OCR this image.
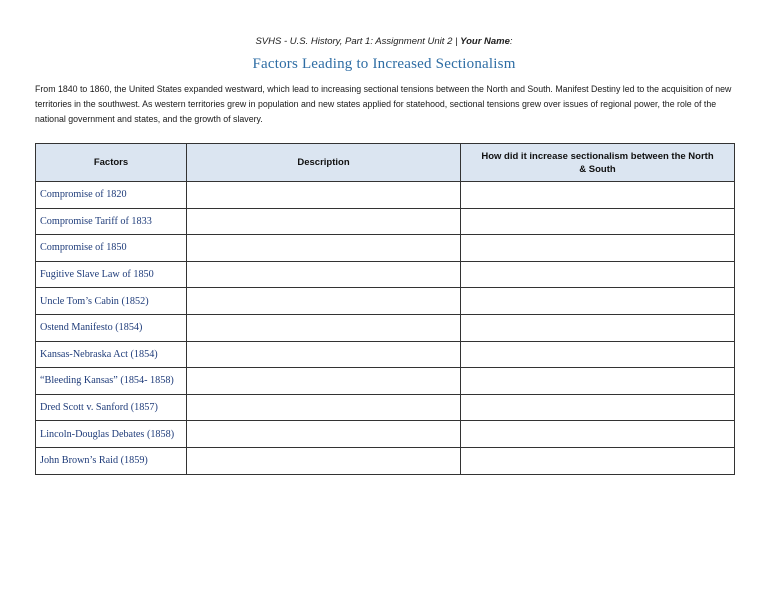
SVHS - U.S. History, Part 1: Assignment Unit 2 | Your Name:
Factors Leading to Increased Sectionalism
From 1840 to 1860, the United States expanded westward, which lead to increasing sectional tensions between the North and South. Manifest Destiny led to the acquisition of new territories in the southwest. As western territories grew in population and new states applied for statehood, sectional tensions grew over issues of regional power, the role of the national government and states, and the growth of slavery.
Factors	Description	How did it increase sectionalism between the North & South
Compromise of 1820		
Compromise Tariff of 1833		
Compromise of 1850		
Fugitive Slave Law of 1850		
Uncle Tom’s Cabin (1852)		
Ostend Manifesto (1854)		
Kansas-Nebraska Act (1854)		
“Bleeding Kansas” (1854- 1858)		
Dred Scott v. Sanford (1857)		
Lincoln-Douglas Debates (1858)		
John Brown’s Raid (1859)		
